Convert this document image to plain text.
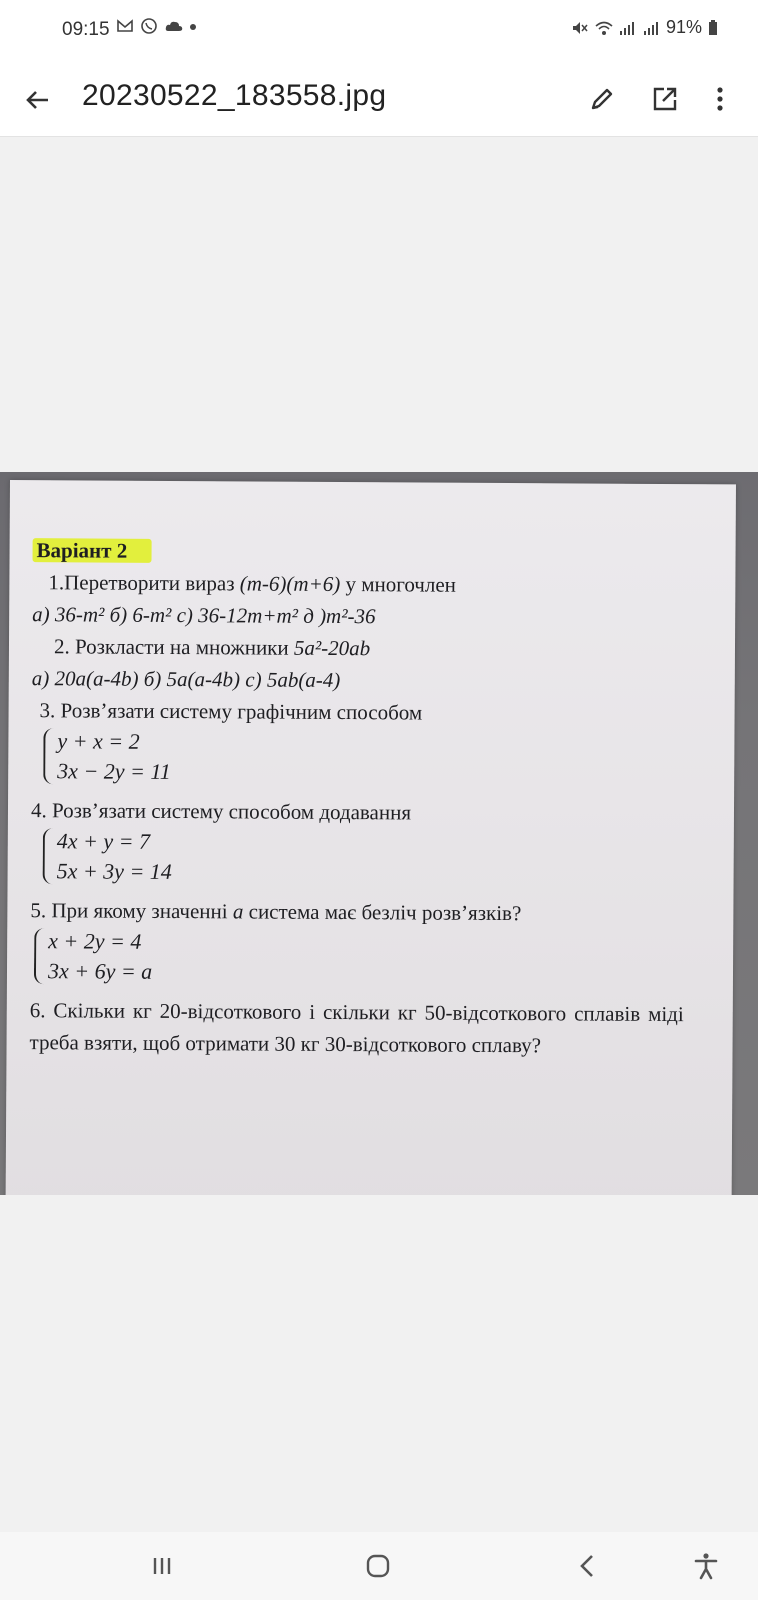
09:15	91%
20230522_183558.jpg
Варіант 2
1.Перетворити вираз (m-6)(m+6) у многочлен
а) 36-m² б) 6-m² с) 36-12m+m² д )m²-36
2. Розкласти на множники 5a²-20ab
а) 20a(a-4b) б) 5a(a-4b) с) 5ab(a-4)
3. Розв’язати систему графічним способом
y + x = 2
3x − 2y = 11
4. Розв’язати систему способом додавання
4x + y = 7
5x + 3y = 14
5. При якому значенні a система має безліч розв’язків?
x + 2y = 4
3x + 6y = a
6. Скільки кг 20-відсоткового і скільки кг 50-відсоткового сплавів міді треба взяти, щоб отримати 30 кг 30-відсоткового сплаву?
